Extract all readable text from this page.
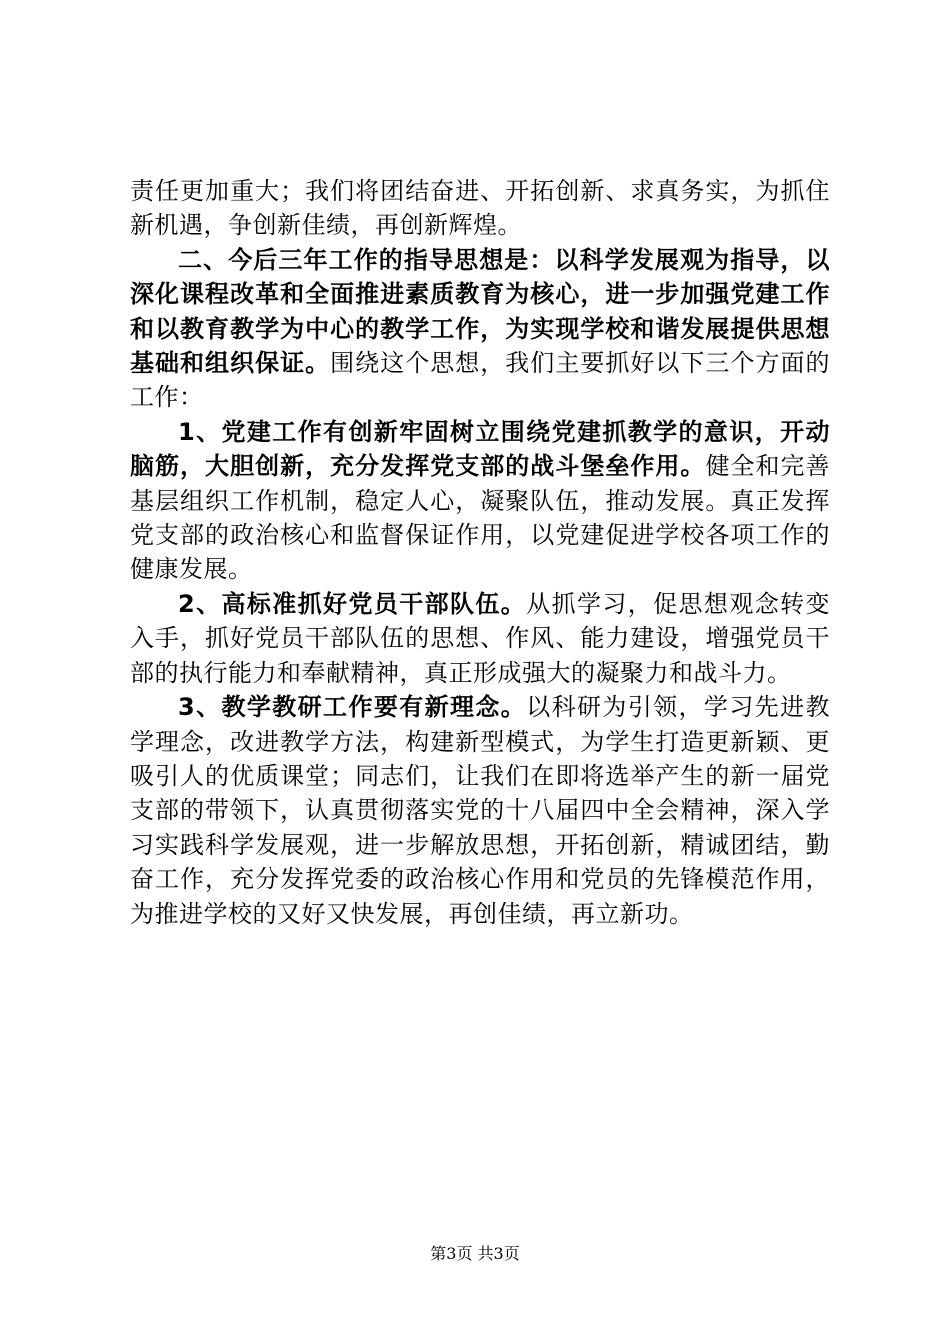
责任更加重大；我们将团结奋进、开拓创新、求真务实，为抓住新机遇，争创新佳绩，再创新辉煌。

二、今后三年工作的指导思想是：以科学发展观为指导，以深化课程改革和全面推进素质教育为核心，进一步加强党建工作和以教育教学为中心的教学工作，为实现学校和谐发展提供思想基础和组织保证。围绕这个思想，我们主要抓好以下三个方面的工作：

1、党建工作有创新牢固树立围绕党建抓教学的意识，开动脑筋，大胆创新，充分发挥党支部的战斗堡垒作用。健全和完善基层组织工作机制，稳定人心，凝聚队伍，推动发展。真正发挥党支部的政治核心和监督保证作用，以党建促进学校各项工作的健康发展。

2、高标准抓好党员干部队伍。从抓学习，促思想观念转变入手，抓好党员干部队伍的思想、作风、能力建设，增强党员干部的执行能力和奉献精神，真正形成强大的凝聚力和战斗力。

3、教学教研工作要有新理念。以科研为引领，学习先进教学理念，改进教学方法，构建新型模式，为学生打造更新颖、更吸引人的优质课堂；同志们，让我们在即将选举产生的新一届党支部的带领下，认真贯彻落实党的十八届四中全会精神，深入学习实践科学发展观，进一步解放思想，开拓创新，精诚团结，勤奋工作，充分发挥党委的政治核心作用和党员的先锋模范作用，为推进学校的又好又快发展，再创佳绩，再立新功。

第3页 共3页
